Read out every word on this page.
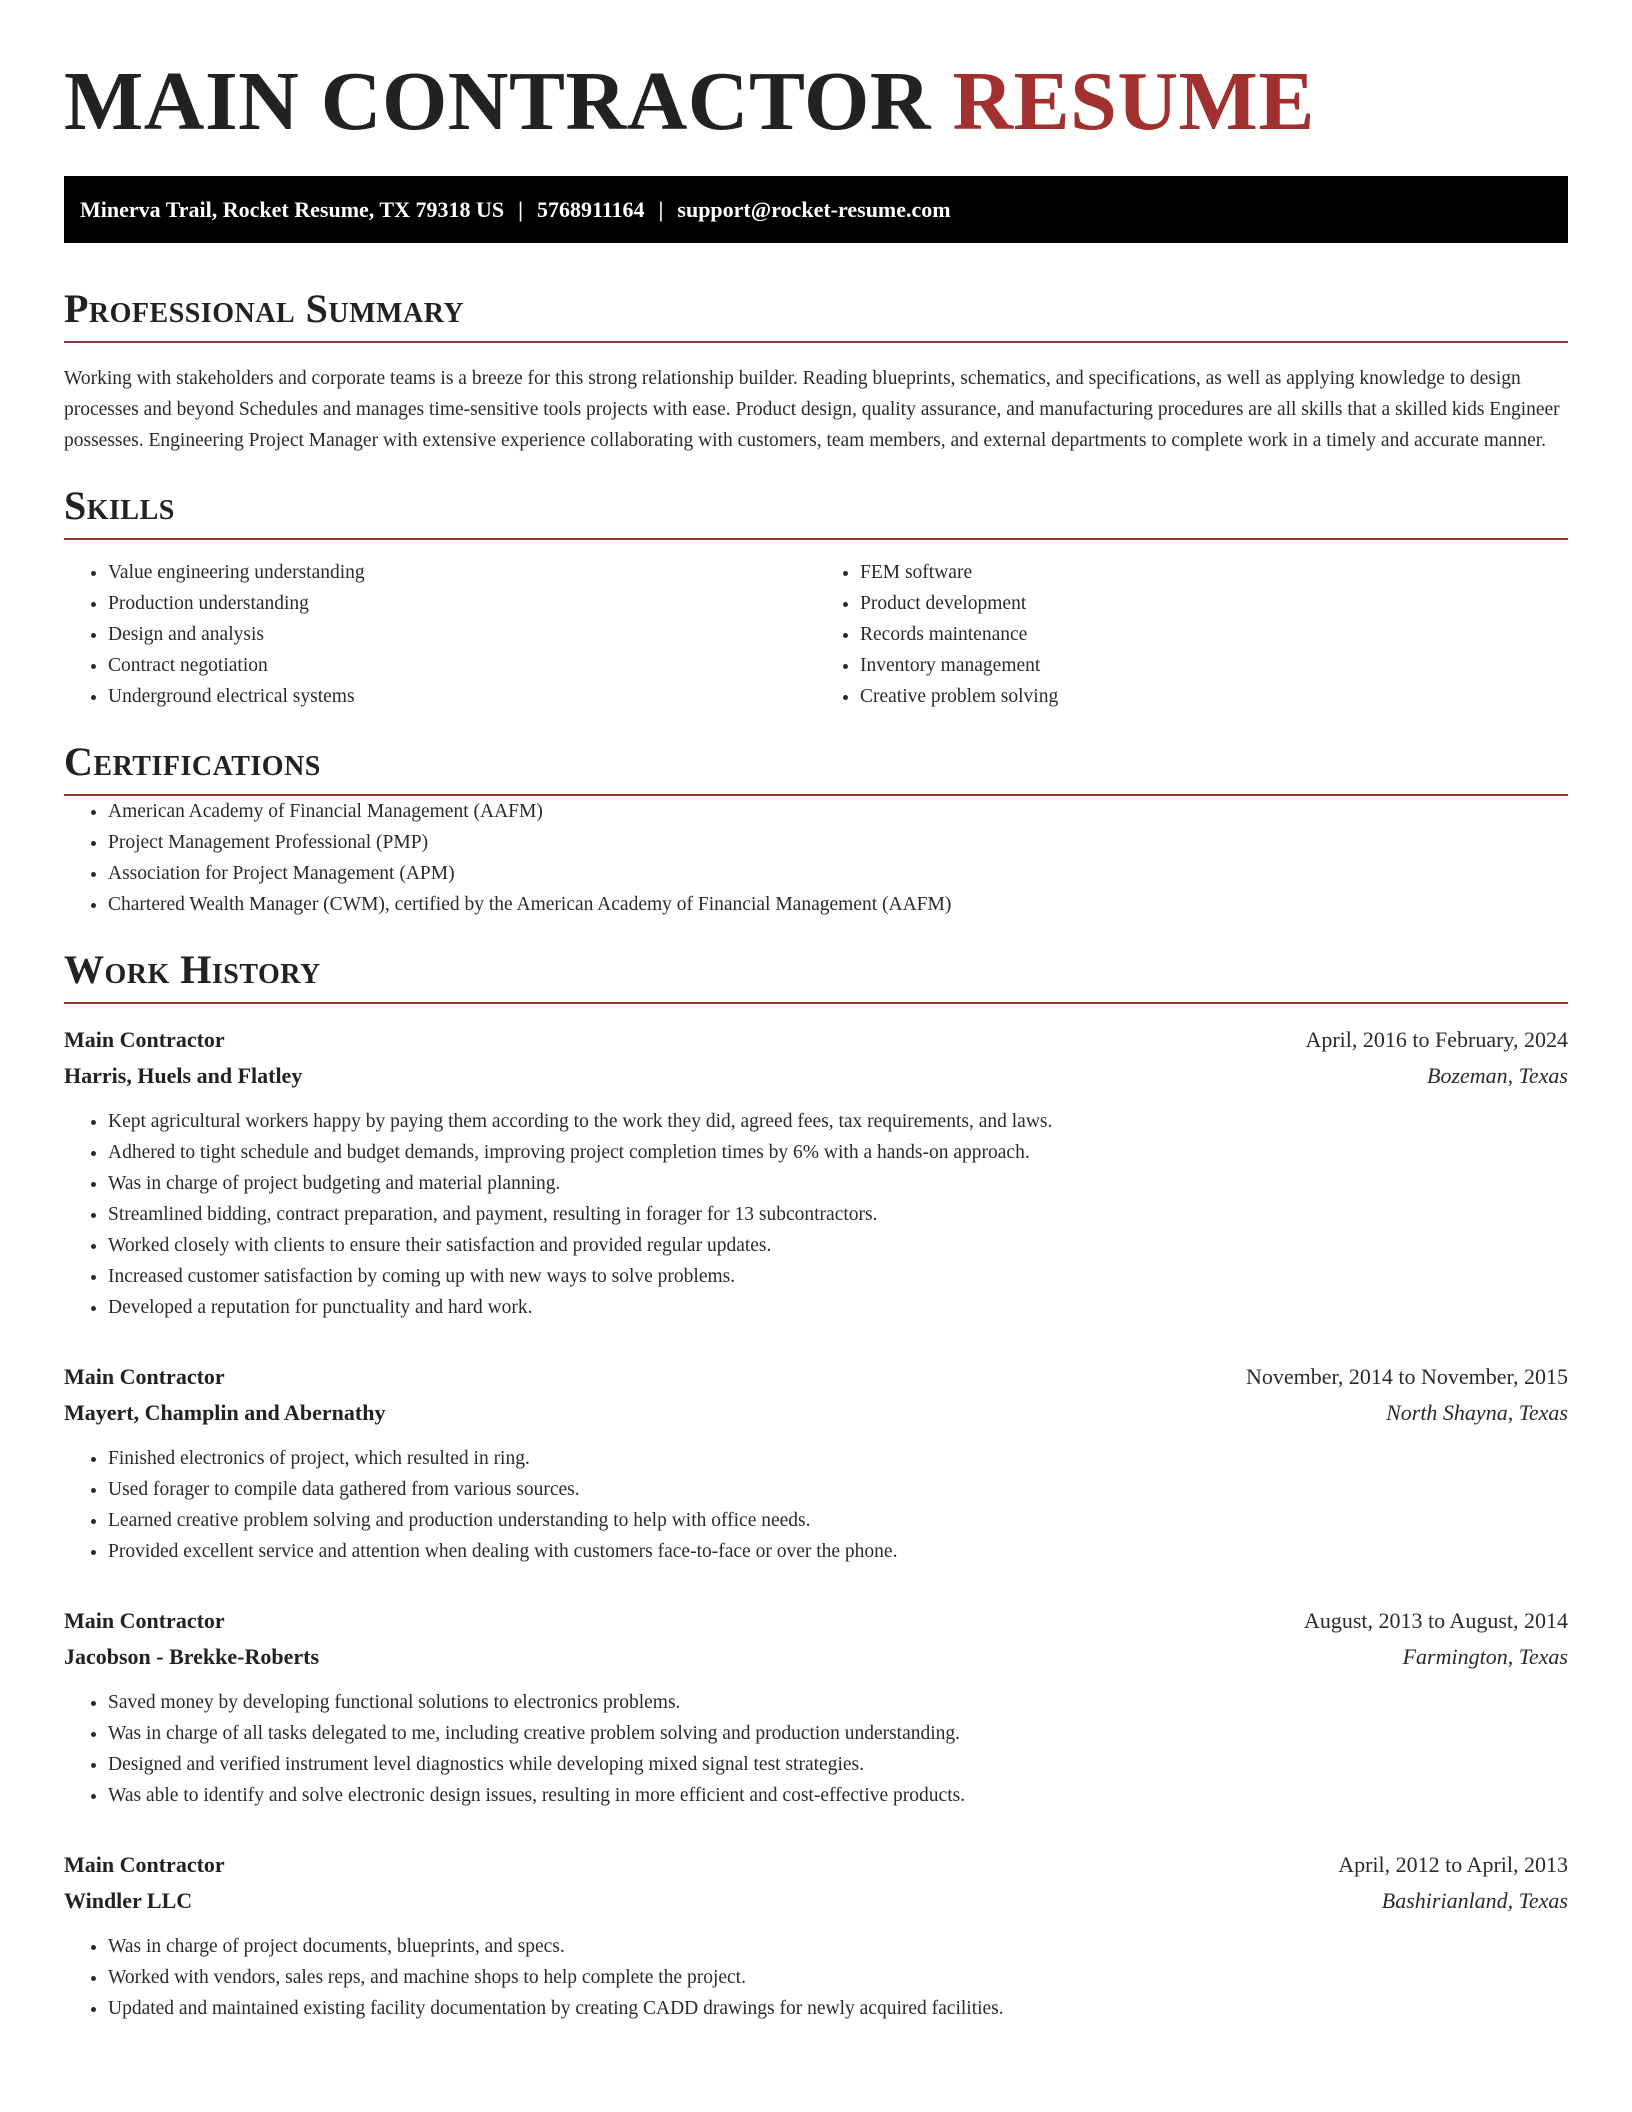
MAIN CONTRACTOR RESUME
Minerva Trail, Rocket Resume, TX 79318 US | 5768911164 | support@rocket-resume.com
Professional Summary

Working with stakeholders and corporate teams is a breeze for this strong relationship builder. Reading blueprints, schematics, and specifications, as well as applying knowledge to design processes and beyond Schedules and manages time-sensitive tools projects with ease. Product design, quality assurance, and manufacturing procedures are all skills that a skilled kids Engineer possesses. Engineering Project Manager with extensive experience collaborating with customers, team members, and external departments to complete work in a timely and accurate manner.

Skills
• Value engineering understanding
• Production understanding
• Design and analysis
• Contract negotiation
• Underground electrical systems
• FEM software
• Product development
• Records maintenance
• Inventory management
• Creative problem solving
Certifications
• American Academy of Financial Management (AAFM)
• Project Management Professional (PMP)
• Association for Project Management (APM)
• Chartered Wealth Manager (CWM), certified by the American Academy of Financial Management (AAFM)
Work History
Main Contractor	April, 2016 to February, 2024
Harris, Huels and Flatley	Bozeman, Texas
• Kept agricultural workers happy by paying them according to the work they did, agreed fees, tax requirements, and laws.
• Adhered to tight schedule and budget demands, improving project completion times by 6% with a hands-on approach.
• Was in charge of project budgeting and material planning.
• Streamlined bidding, contract preparation, and payment, resulting in forager for 13 subcontractors.
• Worked closely with clients to ensure their satisfaction and provided regular updates.
• Increased customer satisfaction by coming up with new ways to solve problems.
• Developed a reputation for punctuality and hard work.
Main Contractor	November, 2014 to November, 2015
Mayert, Champlin and Abernathy	North Shayna, Texas
• Finished electronics of project, which resulted in ring.
• Used forager to compile data gathered from various sources.
• Learned creative problem solving and production understanding to help with office needs.
• Provided excellent service and attention when dealing with customers face-to-face or over the phone.
Main Contractor	August, 2013 to August, 2014
Jacobson - Brekke-Roberts	Farmington, Texas
• Saved money by developing functional solutions to electronics problems.
• Was in charge of all tasks delegated to me, including creative problem solving and production understanding.
• Designed and verified instrument level diagnostics while developing mixed signal test strategies.
• Was able to identify and solve electronic design issues, resulting in more efficient and cost-effective products.
Main Contractor	April, 2012 to April, 2013
Windler LLC	Bashirianland, Texas
• Was in charge of project documents, blueprints, and specs.
• Worked with vendors, sales reps, and machine shops to help complete the project.
• Updated and maintained existing facility documentation by creating CADD drawings for newly acquired facilities.
